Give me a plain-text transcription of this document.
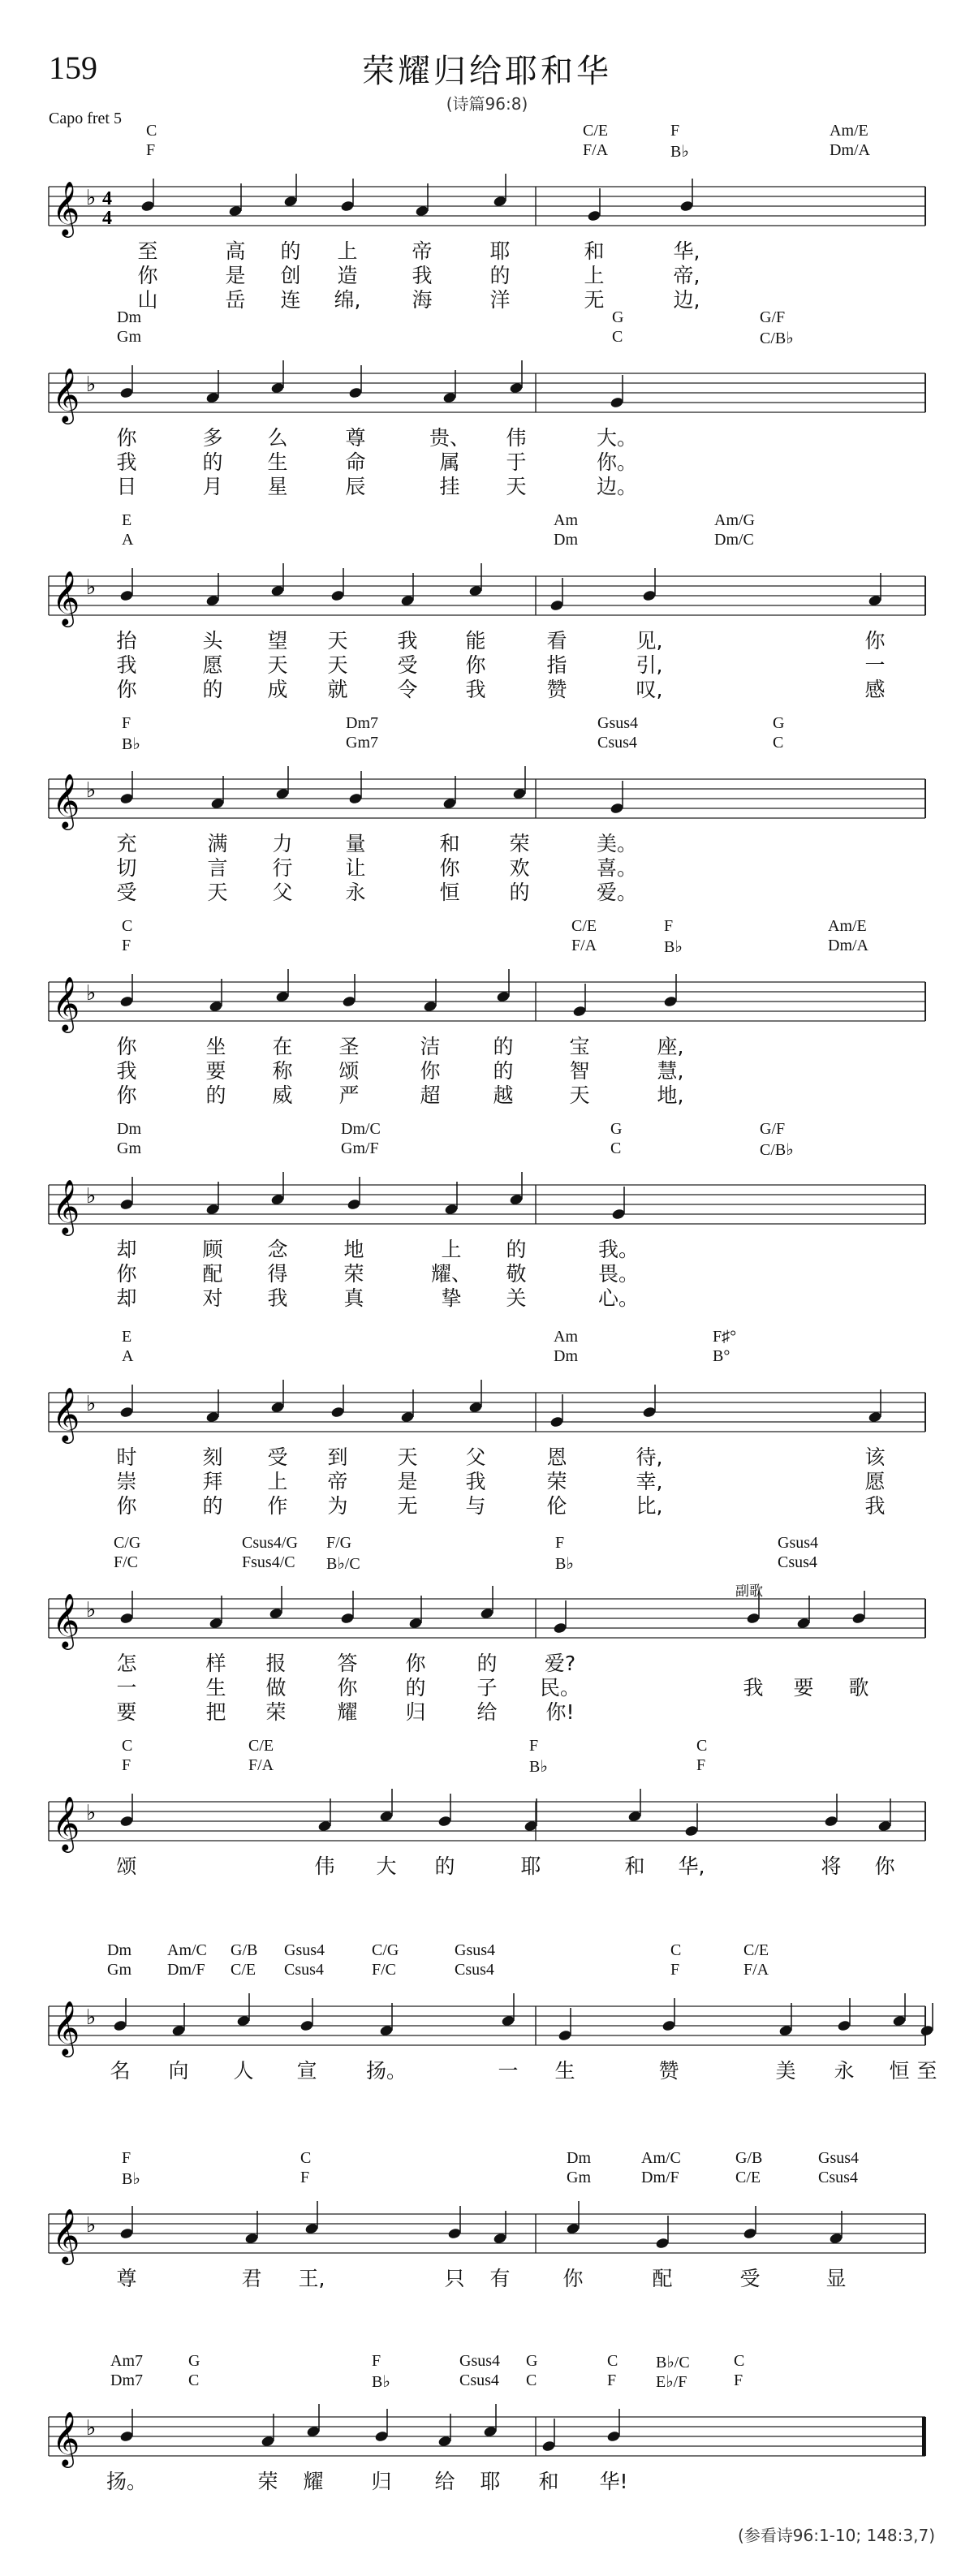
159	荣耀归给耶和华
(诗篇96:8)
Capo fret 5
C
F
C/E
F/A
F
B♭
Am/E
Dm/A
𝄞 ♭ 4
4
至	高 的 上	帝	耶	和	华,
你	是 创 造	我	的	上	帝,
山	岳 连 绵,	海	洋	无	边,
Dm
Gm
G
C
G/F
C/B♭
𝄞 ♭
你	多 么	尊	贵、 伟	大。
我	的 生	命	属 于	你。
日	月 星	辰	挂 天	边。
E
A
Am
Dm
Am/G
Dm/C
𝄞 ♭
抬	头 望 天 我 能	看	见,	你
我	愿 天 天 受 你	指	引,	一
你	的 成 就 令 我	赞	叹,	感
F
B♭
Dm7
Gm7
Gsus4
Csus4
G
C
𝄞 ♭
充	满 力	量	和 荣	美。
切	言 行	让	你 欢	喜。
受	天 父	永	恒 的	爱。
C
F
C/E
F/A
F
B♭
Am/E
Dm/A
𝄞 ♭
你	坐 在 圣	洁	的	宝	座,
我	要 称 颂	你	的	智	慧,
你	的 威 严	超	越	天	地,
Dm
Gm
Dm/C
Gm/F
G
C
G/F
C/B♭
𝄞 ♭
却	顾 念	地	上 的	我。
你	配 得	荣	耀、 敬	畏。
却	对 我	真	挚 关	心。
E
A
Am
Dm
F♯°
B°
𝄞 ♭
时	刻 受 到 天 父	恩	待,	该
崇	拜 上 帝 是 我	荣	幸,	愿
你	的 作 为 无 与	伦	比,	我
C/G
F/C
Csus4/G
Fsus4/C
F/G
B♭/C
F
B♭
Gsus4
Csus4
𝄞 ♭
怎	样 报	答 你	的 爱?
一	生 做	你 的	子 民。	我 要 歌
要	把 荣	耀 归	给 你!
副歌
C
F
C/E
F/A
F
B♭
C
F
𝄞 ♭
颂	伟 大 的	耶	和 华,	将 你
Dm
Gm
Am/C
Dm/F
G/B
C/E
Gsus4
Csus4
C/G
F/C
Gsus4
Csus4
C
F
C/E
F/A
𝄞 ♭
名 向 人 宣 扬。	一 生	赞	美 永 恒 至
F
B♭
C
F
Dm
Gm
Am/C
Dm/F
G/B
C/E
Gsus4
Csus4
𝄞 ♭
尊	君 王,	只 有	你	配	受	显
Am7
Dm7
G
C
F
B♭
Gsus4
Csus4
G
C
C
F
B♭/C
E♭/F
C
F
𝄞 ♭
扬。	荣 耀 归 给 耶 和 华!
(参看诗96:1-10; 148:3,7)
